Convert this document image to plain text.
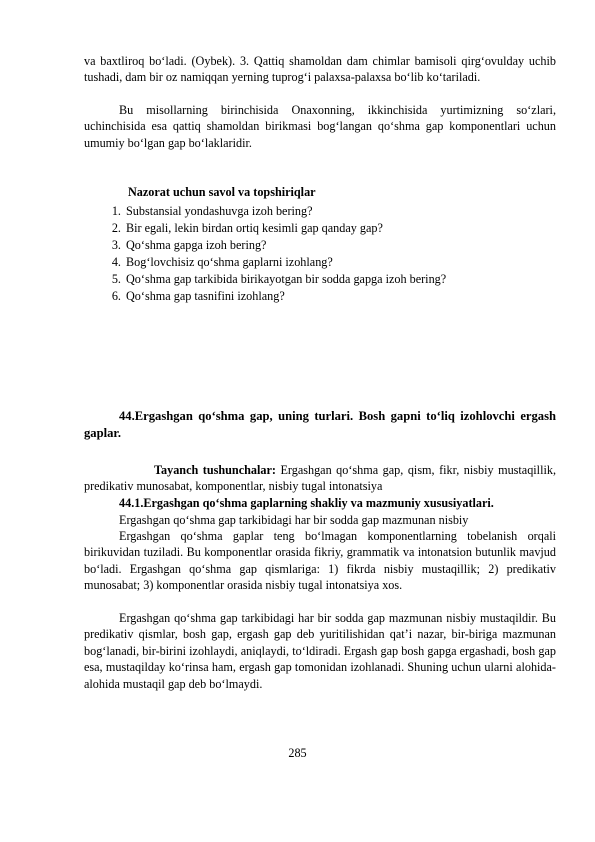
va baxtliroq bo‘ladi. (Oybek). 3. Qattiq shamoldan dam chimlar bamisoli qirg‘ovulday uchib tushadi, dam bir oz namiqqan yerning tuprog‘i palaxsa-palaxsa bo‘lib ko‘tariladi.

Bu misollarning birinchisida Onaxonning, ikkinchisida yurtimizning so‘zlari, uchinchisida esa qattiq shamoldan birikmasi bog‘langan qo‘shma gap komponentlari uchun umumiy bo‘lgan gap bo‘laklaridir.

Nazorat uchun savol va topshiriqlar
1. Substansial yondashuvga izoh bering?
2. Bir egali, lekin birdan ortiq kesimli gap qanday gap?
3. Qo‘shma gapga izoh bering?
4. Bog‘lovchisiz qo‘shma gaplarni izohlang?
5. Qo‘shma gap tarkibida birikayotgan bir sodda gapga izoh bering?
6. Qo‘shma gap tasnifini izohlang?

44.Ergashgan qo‘shma gap, uning turlari. Bosh gapni to‘liq izohlovchi ergash gaplar.

Tayanch tushunchalar: Ergashgan qo‘shma gap, qism, fikr, nisbiy mustaqillik, predikativ munosabat, komponentlar, nisbiy tugal intonatsiya

44.1.Ergashgan qo‘shma gaplarning shakliy va mazmuniy xususiyatlari.

Ergashgan qo‘shma gap tarkibidagi har bir sodda gap mazmunan nisbiy

Ergashgan qo‘shma gaplar teng bo‘lmagan komponentlarning tobelanish orqali birikuvidan tuziladi. Bu komponentlar orasida fikriy, grammatik va intonatsion butunlik mavjud bo‘ladi. Ergashgan qo‘shma gap qismlariga: 1) fikrda nisbiy mustaqillik; 2) predikativ munosabat; 3) komponentlar orasida nisbiy tugal intonatsiya xos.

Ergashgan qo‘shma gap tarkibidagi har bir sodda gap mazmunan nisbiy mustaqildir. Bu predikativ qismlar, bosh gap, ergash gap deb yuritilishidan qat’i nazar, bir-biriga mazmunan bog‘lanadi, bir-birini izohlaydi, aniqlaydi, to‘ldiradi. Ergash gap bosh gapga ergashadi, bosh gap esa, mustaqilday ko‘rinsa ham, ergash gap tomonidan izohlanadi. Shuning uchun ularni alohida-alohida mustaqil gap deb bo‘lmaydi.

285
